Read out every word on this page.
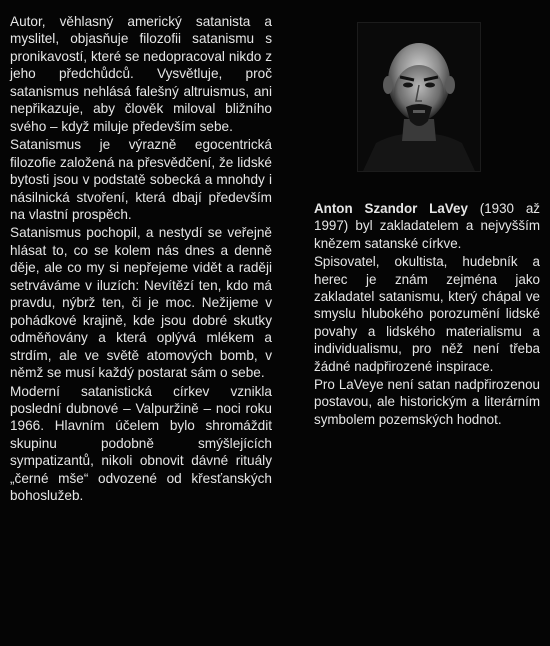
Autor, věhlasný americký satanista a myslitel, objasňuje filozofii satanismu s pronikavostí, které se nedopracoval nikdo z jeho předchůdců. Vysvětluje, proč satanismus nehlásá falešný altruismus, ani nepřikazuje, aby člověk miloval bližního svého – když miluje především sebe.

Satanismus je výrazně egocentrická filozofie založená na přesvědčení, že lidské bytosti jsou v podstatě sobecká a mnohdy i násilnická stvoření, která dbají především na vlastní prospěch.

Satanismus pochopil, a nestydí se veřejně hlásat to, co se kolem nás dnes a denně děje, ale co my si nepřejeme vidět a raději setrváváme v iluzích: Nevítězí ten, kdo má pravdu, nýbrž ten, či je moc. Nežijeme v pohádkové krajině, kde jsou dobré skutky odměňovány a která oplývá mlékem a strdím, ale ve světě atomových bomb, v němž se musí každý postarat sám o sebe.

Moderní satanistická církev vznikla poslední dubnové – Valpuržině – noci roku 1966. Hlavním účelem bylo shromáždit skupinu podobně smýšlejících sympatizantů, nikoli obnovit dávné rituály „černé mše“ odvozené od křesťanských bohoslužeb.

Anton Szandor LaVey (1930 až 1997) byl zakladatelem a nejvyšším knězem satanské církve.

Spisovatel, okultista, hudebník a herec je znám zejména jako zakladatel satanismu, který chápal ve smyslu hlubokého porozumění lidské povahy a lidského materialismu a individualismu, pro něž není třeba žádné nadpřirozené inspirace.

Pro LaVeye není satan nadpřirozenou postavou, ale historickým a literárním symbolem pozemských hodnot.
